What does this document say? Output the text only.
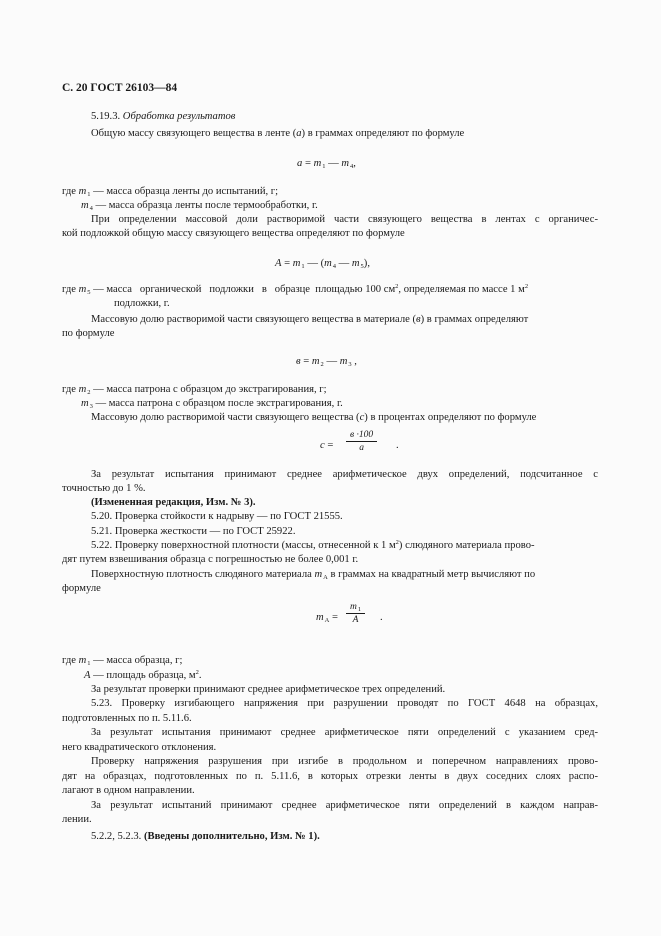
С. 20 ГОСТ 26103—84
5.19.3. Обработка результатов
Общую массу связующего вещества в ленте (а) в граммах определяют по формуле
а = m1 — m4,
где m1 — масса образца ленты до испытаний, г;
m4 — масса образца ленты после термообработки, г.
При определении массовой доли растворимой части связующего вещества в лентах с органичес-
кой подложкой общую массу связующего вещества определяют по формуле
А = m1 — (m4 — m5),
где m5 — масса   органической   подложки   в   образце  площадью 100 $см^2$, определяемая по массе 1 $м^2$
подложки, г.
Массовую долю растворимой части связующего вещества в материале (в) в граммах определяют
по формуле
в = m2 — m3 ,
где m2 — масса патрона с образцом до экстрагирования, г;
m3 — масса патрона с образцом после экстрагирования, г.
Массовую долю растворимой части связующего вещества (с) в процентах определяют по формуле
с =
в ·100
а	.
За результат испытания принимают среднее арифметическое двух определений, подсчитанное с
точностью до 1 %.
(Измененная редакция, Изм. № 3).
5.20. Проверка стойкости к надрыву — по ГОСТ 21555.
5.21. Проверка жесткости — по ГОСТ 25922.
5.22. Проверку поверхностной плотности (массы, отнесенной к 1 $м^2$) слюдяного материала прово-
дят путем взвешивания образца с погрешностью не более 0,001 г.
Поверхностную плотность слюдяного материала mА в граммах на квадратный метр вычисляют по
формуле
mA =
$m_1$
А	.
где m1 — масса образца, г;
А — площадь образца, $м^2$.
За результат проверки принимают среднее арифметическое трех определений.
5.23. Проверку изгибающего напряжения при разрушении проводят по ГОСТ 4648 на образцах,
подготовленных по п. 5.11.6.
За результат испытания принимают среднее арифметическое пяти определений с указанием сред-
него квадратического отклонения.
Проверку напряжения разрушения при изгибе в продольном и поперечном направлениях прово-
дят на образцах, подготовленных по п. 5.11.6, в которых отрезки ленты в двух соседних слоях распо-
лагают в одном направлении.
За результат испытаний принимают среднее арифметическое пяти определений в каждом направ-
лении.
5.2.2, 5.2.3. (Введены дополнительно, Изм. № 1).
